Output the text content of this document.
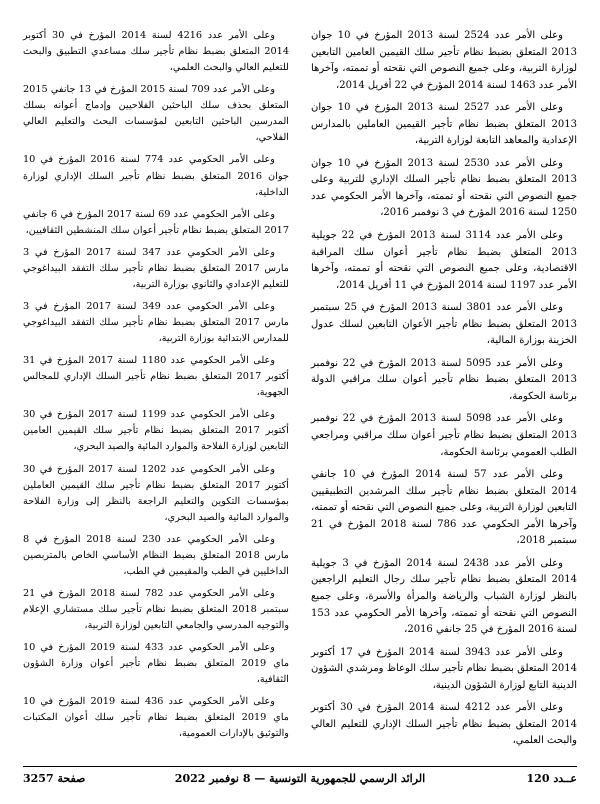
وعلى الأمر عدد 2524 لسنة 2013 المؤرخ في 10 جوان 2013 المتعلق بضبط نظام تأجير سلك القيمين العامين التابعين لوزارة التربية، وعلى جميع النصوص التي نقحته أو تممته، وآخرها الأمر عدد 1463 لسنة 2014 المؤرخ في 22 أفريل 2014،

وعلى الأمر عدد 2527 لسنة 2013 المؤرخ في 10 جوان 2013 المتعلق بضبط نظام تأجير القيمين العاملين بالمدارس الإعدادية والمعاهد التابعة لوزارة التربية،

وعلى الأمر عدد 2530 لسنة 2013 المؤرخ في 10 جوان 2013 المتعلق بضبط نظام تأجير السلك الإداري للتربية وعلى جميع النصوص التي نقحته أو تممته، وآخرها الأمر الحكومي عدد 1250 لسنة 2016 المؤرخ في 3 نوفمبر 2016،

وعلى الأمر عدد 3114 لسنة 2013 المؤرخ في 22 جويلية 2013 المتعلق بضبط نظام تأجير أعوان سلك المراقبة الاقتصادية، وعلى جميع النصوص التي نقحته أو تممته، وآخرها الأمر عدد 1197 لسنة 2014 المؤرخ في 11 أفريل 2014،

وعلى الأمر عدد 3801 لسنة 2013 المؤرخ في 25 سبتمبر 2013 المتعلق بضبط نظام تأجير الأعوان التابعين لسلك عدول الخزينة بوزارة المالية،

وعلى الأمر عدد 5095 لسنة 2013 المؤرخ في 22 نوفمبر 2013 المتعلق بضبط نظام تأجير أعوان سلك مراقبي الدولة برئاسة الحكومة،

وعلى الأمر عدد 5098 لسنة 2013 المؤرخ في 22 نوفمبر 2013 المتعلق بضبط نظام تأجير أعوان سلك مراقبي ومراجعي الطلب العمومي برئاسة الحكومة،

وعلى الأمر عدد 57 لسنة 2014 المؤرخ في 10 جانفي 2014 المتعلق بضبط نظام تأجير سلك المرشدين التطبيقيين التابعين لوزارة التربية، وعلى جميع النصوص التي نقحته أو تممته، وآخرها الأمر الحكومي عدد 786 لسنة 2018 المؤرخ في 21 سبتمبر 2018،

وعلى الأمر عدد 2438 لسنة 2014 المؤرخ في 3 جويلية 2014 المتعلق بضبط نظام تأجير سلك رجال التعليم الراجعين بالنظر لوزارة الشباب والرياضة والمرأة والأسرة، وعلى جميع النصوص التي نقحته أو تممته، وآخرها الأمر الحكومي عدد 153 لسنة 2016 المؤرخ في 25 جانفي 2016،

وعلى الأمر عدد 3943 لسنة 2014 المؤرخ في 17 أكتوبر 2014 المتعلق بضبط نظام تأجير سلك الوعاظ ومرشدي الشؤون الدينية التابع لوزارة الشؤون الدينية،

وعلى الأمر عدد 4212 لسنة 2014 المؤرخ في 30 أكتوبر 2014 المتعلق بضبط نظام تأجير السلك الإداري للتعليم العالي والبحث العلمي،

وعلى الأمر عدد 4216 لسنة 2014 المؤرخ في 30 أكتوبر 2014 المتعلق بضبط نظام تأجير سلك مساعدي التطبيق والبحث للتعليم العالي والبحث العلمي،

وعلى الأمر عدد 709 لسنة 2015 المؤرخ في 13 جانفي 2015 المتعلق بحذف سلك الباحثين الفلاحيين وإدماج أعوانه بسلك المدرسين الباحثين التابعين لمؤسسات البحث والتعليم العالي الفلاحي،

وعلى الأمر الحكومي عدد 774 لسنة 2016 المؤرخ في 10 جوان 2016 المتعلق بضبط نظام تأجير السلك الإداري لوزارة الداخلية،

وعلى الأمر الحكومي عدد 69 لسنة 2017 المؤرخ في 6 جانفي 2017 المتعلق بضبط نظام تأجير أعوان سلك المنشطين الثقافيين،

وعلى الأمر الحكومي عدد 347 لسنة 2017 المؤرخ في 3 مارس 2017 المتعلق بضبط نظام تأجير سلك التفقد البيداغوجي للتعليم الإعدادي والثانوي بوزارة التربية،

وعلى الأمر الحكومي عدد 349 لسنة 2017 المؤرخ في 3 مارس 2017 المتعلق بضبط نظام تأجير سلك التفقد البيداغوجي للمدارس الابتدائية بوزارة التربية،

وعلى الأمر الحكومي عدد 1180 لسنة 2017 المؤرخ في 31 أكتوبر 2017 المتعلق بضبط نظام تأجير السلك الإداري للمجالس الجهوية،

وعلى الأمر الحكومي عدد 1199 لسنة 2017 المؤرخ في 30 أكتوبر 2017 المتعلق بضبط نظام تأجير سلك القيمين العامين التابعين لوزارة الفلاحة والموارد المائية والصيد البحري،

وعلى الأمر الحكومي عدد 1202 لسنة 2017 المؤرخ في 30 أكتوبر 2017 المتعلق بضبط نظام تأجير سلك القيمين العاملين بمؤسسات التكوين والتعليم الراجعة بالنظر إلى وزارة الفلاحة والموارد المائية والصيد البحري،

وعلى الأمر الحكومي عدد 230 لسنة 2018 المؤرخ في 8 مارس 2018 المتعلق بضبط النظام الأساسي الخاص بالمتربصين الداخليين في الطب والمقيمين في الطب،

وعلى الأمر الحكومي عدد 782 لسنة 2018 المؤرخ في 21 سبتمبر 2018 المتعلق بضبط نظام تأجير سلك مستشاري الإعلام والتوجيه المدرسي والجامعي التابعين لوزارة التربية،

وعلى الأمر الحكومي عدد 433 لسنة 2019 المؤرخ في 10 ماي 2019 المتعلق بضبط نظام تأجير أعوان وزارة الشؤون الثقافية،

وعلى الأمر الحكومي عدد 436 لسنة 2019 المؤرخ في 10 ماي 2019 المتعلق بضبط نظام تأجير سلك أعوان المكتبات والتوثيق بالإدارات العمومية،

عــدد 120
الرائد الرسمي للجمهورية التونسية — 8 نوفمبر 2022
صفحة 3257
